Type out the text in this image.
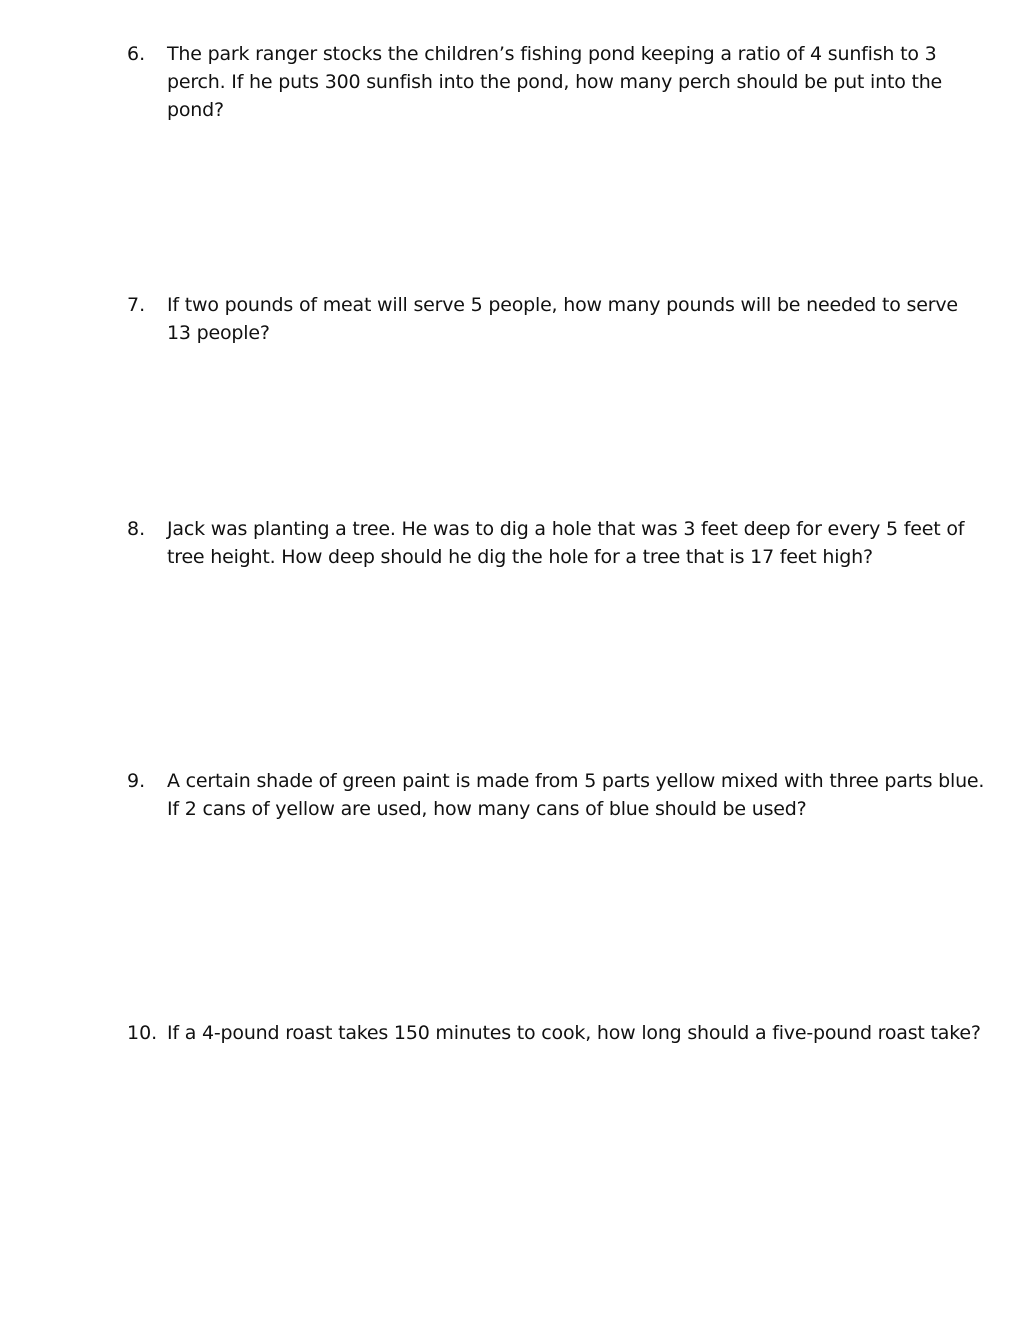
6. The park ranger stocks the children’s fishing pond keeping a ratio of 4 sunfish to 3 perch. If he puts 300 sunfish into the pond, how many perch should be put into the pond?
7. If two pounds of meat will serve 5 people, how many pounds will be needed to serve 13 people?
8. Jack was planting a tree. He was to dig a hole that was 3 feet deep for every 5 feet of tree height. How deep should he dig the hole for a tree that is 17 feet high?
9. A certain shade of green paint is made from 5 parts yellow mixed with three parts blue. If 2 cans of yellow are used, how many cans of blue should be used?
10. If a 4-pound roast takes 150 minutes to cook, how long should a five-pound roast take?
